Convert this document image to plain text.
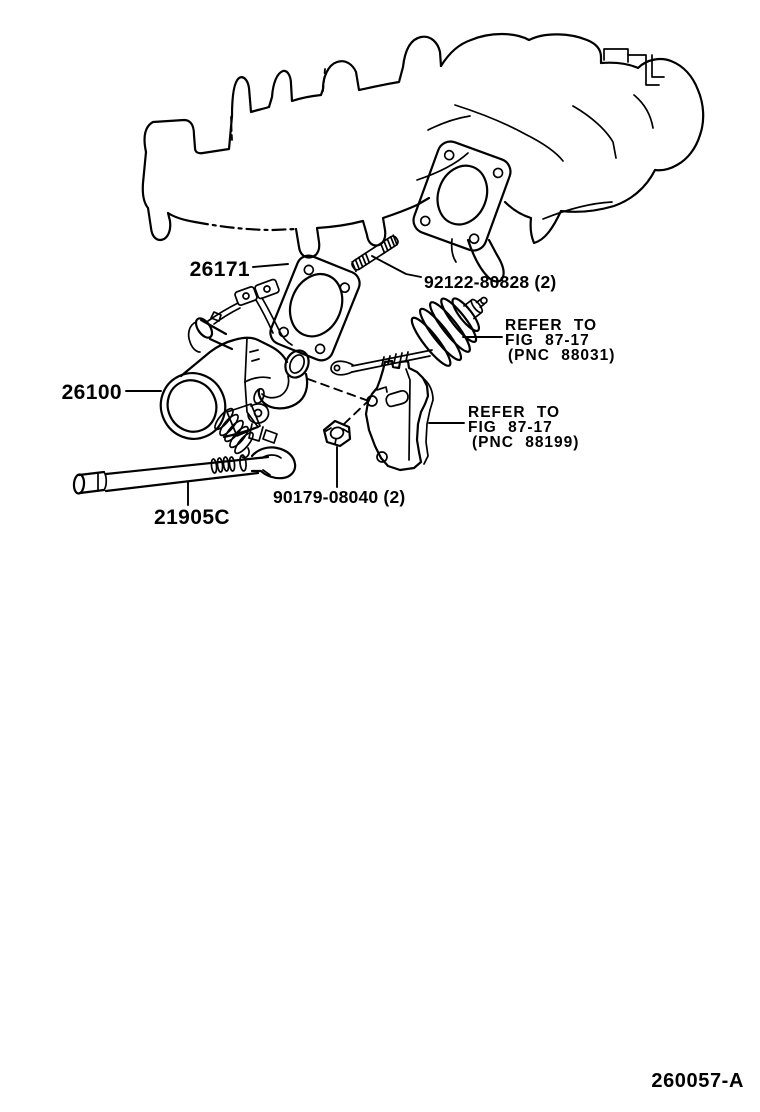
26171
92122-80828 (2)
26100
90179-08040 (2)
21905C
REFER TO
FIG 87-17
(PNC 88031)
REFER TO
FIG 87-17
(PNC 88199)
260057-A
